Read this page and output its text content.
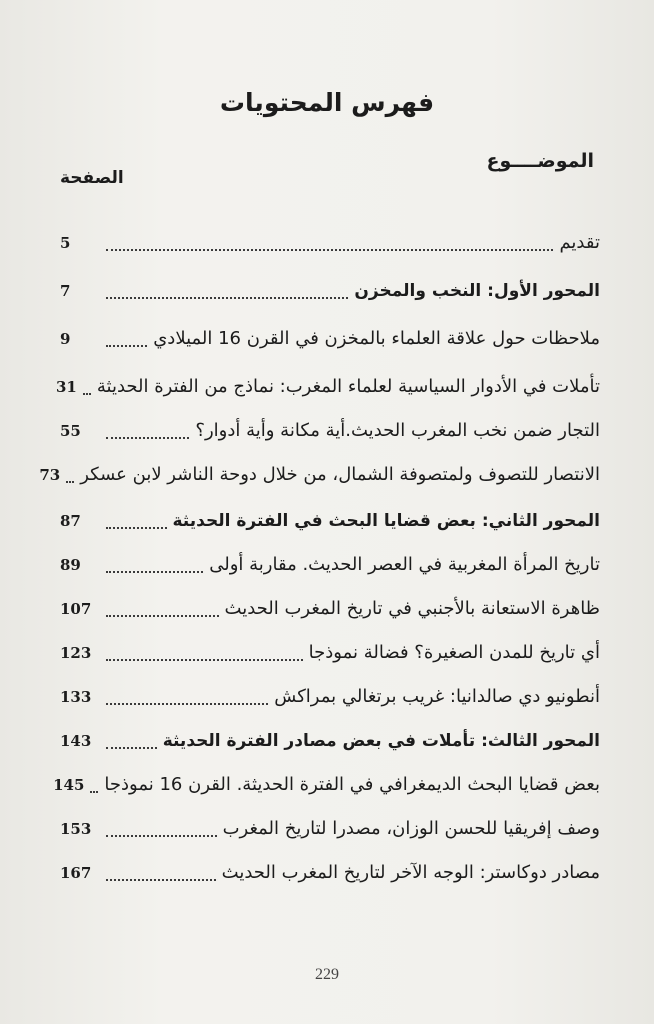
فهرس المحتويات
الموضــــوع
الصفحة
تقديم
5
المحور الأول: النخب والمخزن
7
ملاحظات حول علاقة العلماء بالمخزن في القرن 16 الميلادي
9
تأملات في الأدوار السياسية لعلماء المغرب: نماذج من الفترة الحديثة
31
التجار ضمن نخب المغرب الحديث.أية مكانة وأية أدوار؟
55
الانتصار للتصوف ولمتصوفة الشمال، من خلال دوحة الناشر لابن عسكر
73
المحور الثاني: بعض قضايا البحث في الفترة الحديثة
87
تاريخ المرأة المغربية في العصر الحديث. مقاربة أولى
89
ظاهرة الاستعانة بالأجنبي في تاريخ المغرب الحديث
107
أي تاريخ للمدن الصغيرة؟ فضالة نموذجا
123
أنطونيو دي صالدانيا: غريب برتغالي بمراكش
133
المحور الثالث: تأملات في بعض مصادر الفترة الحديثة
143
بعض قضايا البحث الديمغرافي في الفترة الحديثة. القرن 16 نموذجا
145
وصف إفريقيا للحسن الوزان، مصدرا لتاريخ المغرب
153
مصادر دوكاستر: الوجه الآخر لتاريخ المغرب الحديث
167
229
